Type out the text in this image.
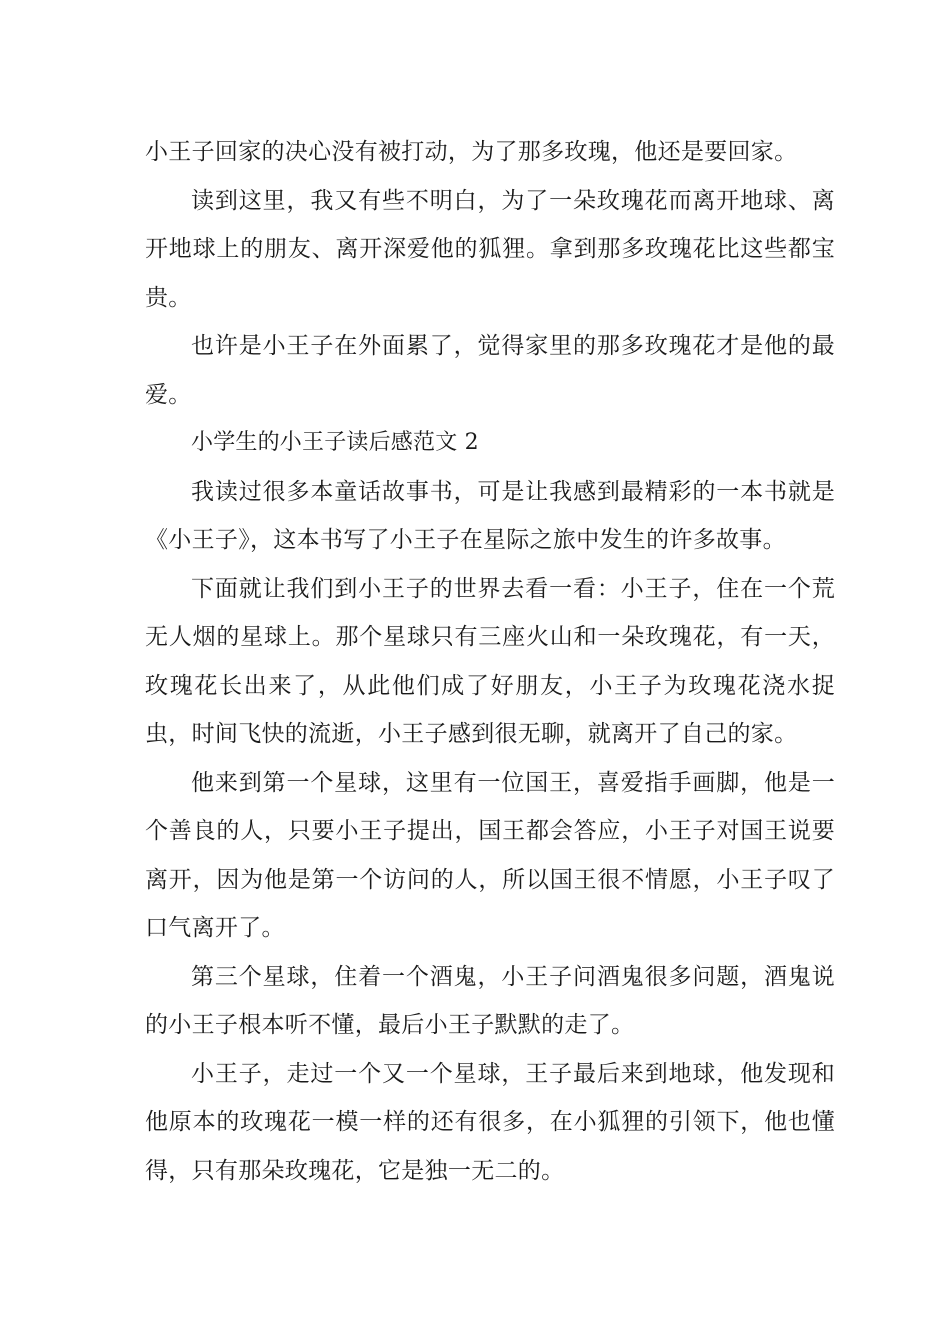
小王子回家的决心没有被打动，为了那多玫瑰，他还是要回家。

读到这里，我又有些不明白，为了一朵玫瑰花而离开地球、离开地球上的朋友、离开深爱他的狐狸。拿到那多玫瑰花比这些都宝贵。

也许是小王子在外面累了，觉得家里的那多玫瑰花才是他的最爱。

小学生的小王子读后感范文 2

我读过很多本童话故事书，可是让我感到最精彩的一本书就是《小王子》，这本书写了小王子在星际之旅中发生的许多故事。

下面就让我们到小王子的世界去看一看：小王子，住在一个荒无人烟的星球上。那个星球只有三座火山和一朵玫瑰花，有一天，玫瑰花长出来了，从此他们成了好朋友，小王子为玫瑰花浇水捉虫，时间飞快的流逝，小王子感到很无聊，就离开了自己的家。

他来到第一个星球，这里有一位国王，喜爱指手画脚，他是一个善良的人，只要小王子提出，国王都会答应，小王子对国王说要离开，因为他是第一个访问的人，所以国王很不情愿，小王子叹了口气离开了。

第三个星球，住着一个酒鬼，小王子问酒鬼很多问题，酒鬼说的小王子根本听不懂，最后小王子默默的走了。

小王子，走过一个又一个星球，王子最后来到地球，他发现和他原本的玫瑰花一模一样的还有很多，在小狐狸的引领下，他也懂得，只有那朵玫瑰花，它是独一无二的。
